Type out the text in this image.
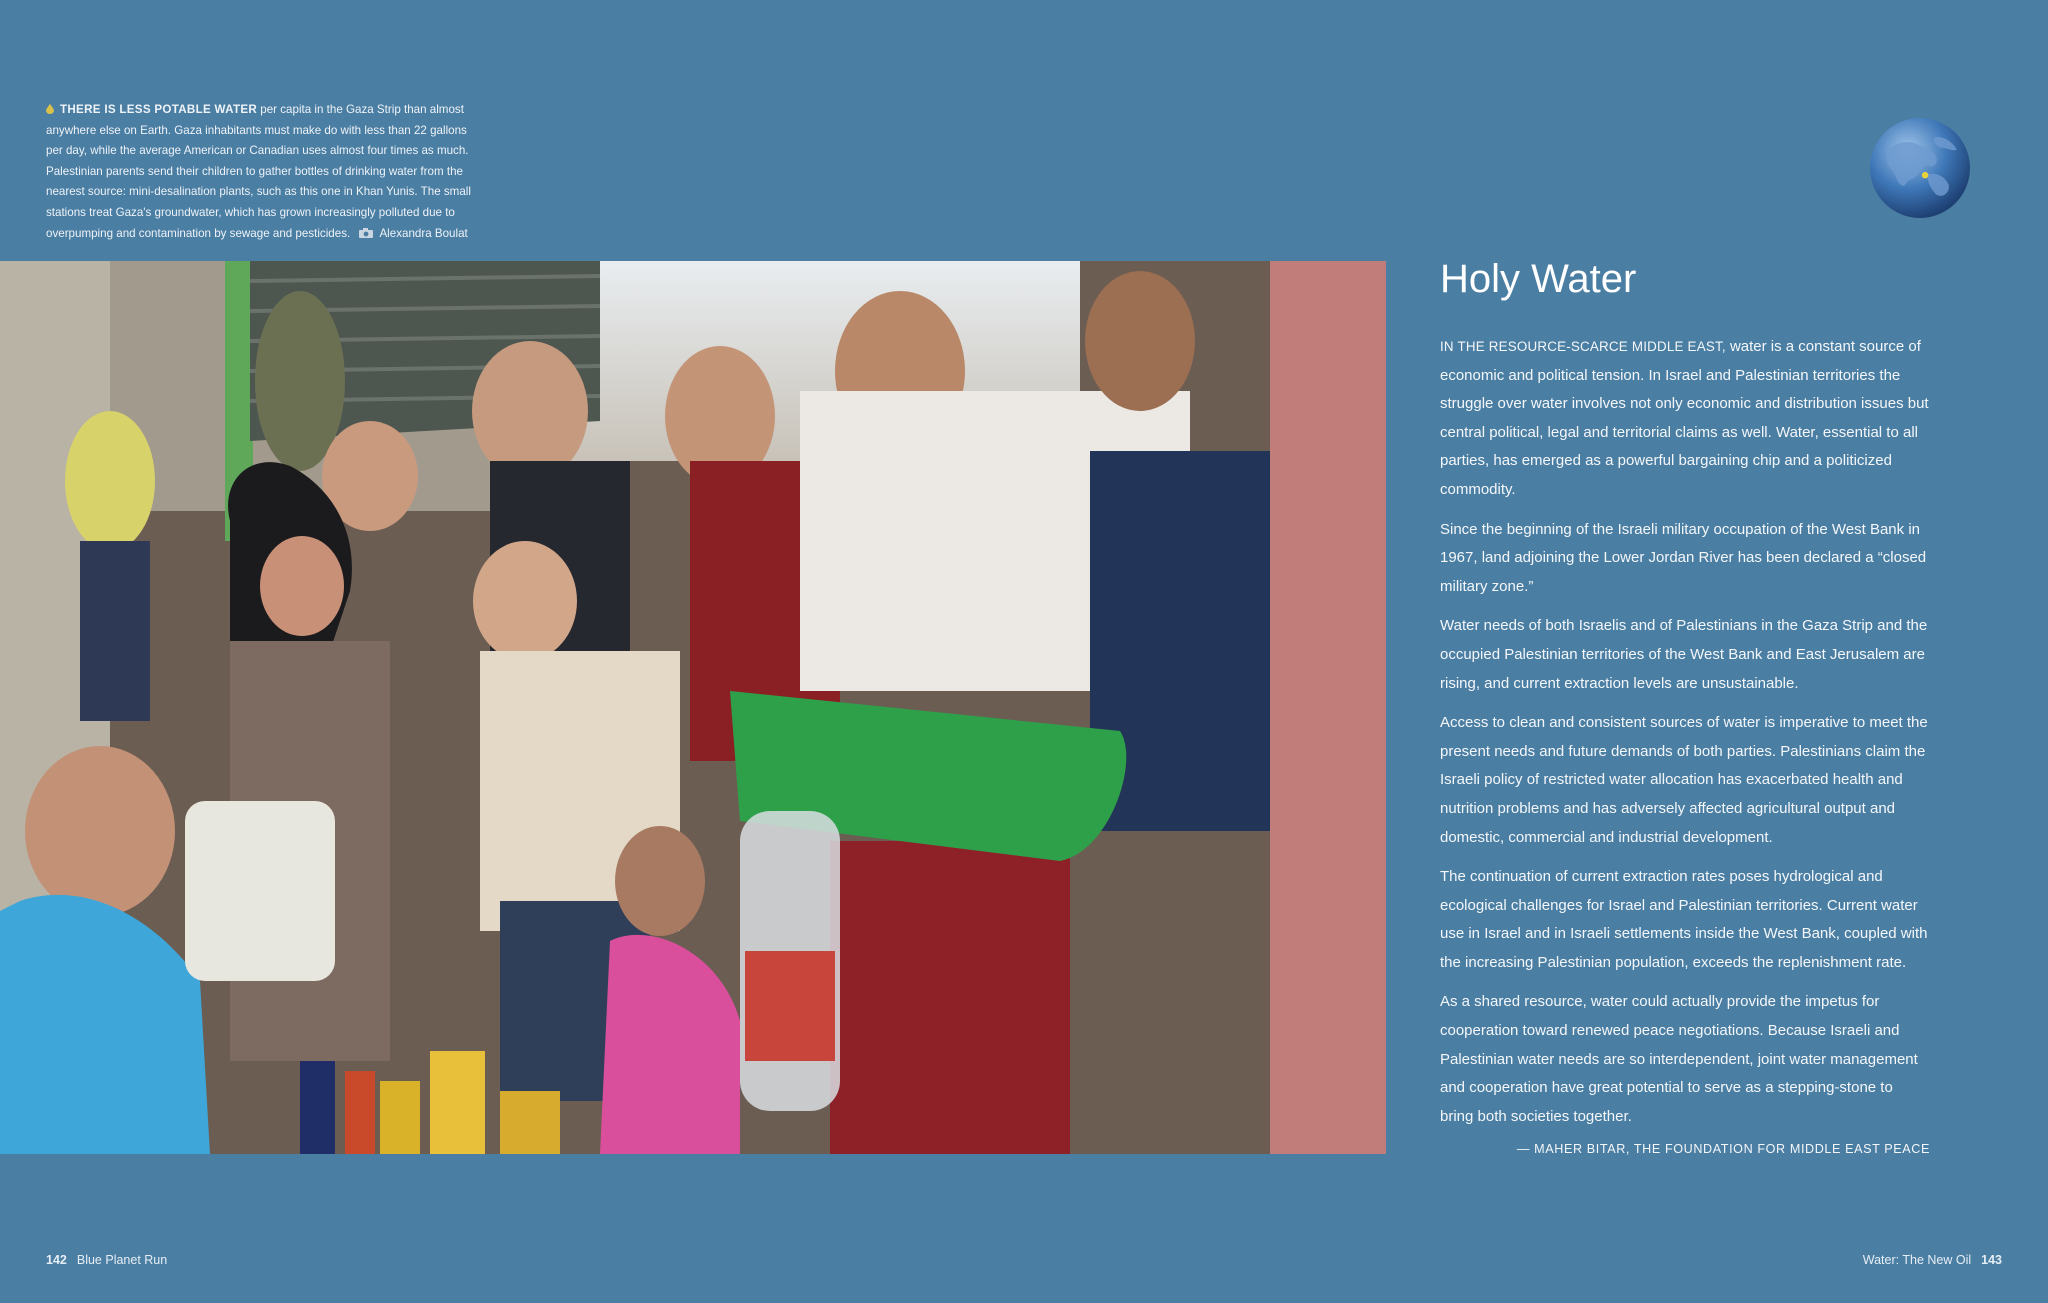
THERE IS LESS POTABLE WATER per capita in the Gaza Strip than almost anywhere else on Earth. Gaza inhabitants must make do with less than 22 gallons per day, while the average American or Canadian uses almost four times as much. Palestinian parents send their children to gather bottles of drinking water from the nearest source: mini-desalination plants, such as this one in Khan Yunis. The small stations treat Gaza's groundwater, which has grown increasingly polluted due to overpumping and contamination by sewage and pesticides.	Alexandra Boulat
Holy Water

IN THE RESOURCE-SCARCE MIDDLE EAST, water is a constant source of economic and political tension. In Israel and Palestinian territories the struggle over water involves not only economic and distribution issues but central political, legal and territorial claims as well. Water, essential to all parties, has emerged as a powerful bargaining chip and a politicized commodity.

Since the beginning of the Israeli military occupation of the West Bank in 1967, land adjoining the Lower Jordan River has been declared a “closed military zone.”

Water needs of both Israelis and of Palestinians in the Gaza Strip and the occupied Palestinian territories of the West Bank and East Jerusalem are rising, and current extraction levels are unsustainable.

Access to clean and consistent sources of water is imperative to meet the present needs and future demands of both parties. Palestinians claim the Israeli policy of restricted water allocation has exacerbated health and nutrition problems and has adversely affected agricultural output and domestic, commercial and industrial development.

The continuation of current extraction rates poses hydrological and ecological challenges for Israel and Palestinian territories. Current water use in Israel and in Israeli settlements inside the West Bank, coupled with the increasing Palestinian population, exceeds the replenishment rate.

As a shared resource, water could actually provide the impetus for cooperation toward renewed peace negotiations. Because Israeli and Palestinian water needs are so interdependent, joint water management and cooperation have great potential to serve as a stepping-stone to bring both societies together.

— MAHER BITAR, THE FOUNDATION FOR MIDDLE EAST PEACE
142 Blue Planet Run	Water: The New Oil 143
